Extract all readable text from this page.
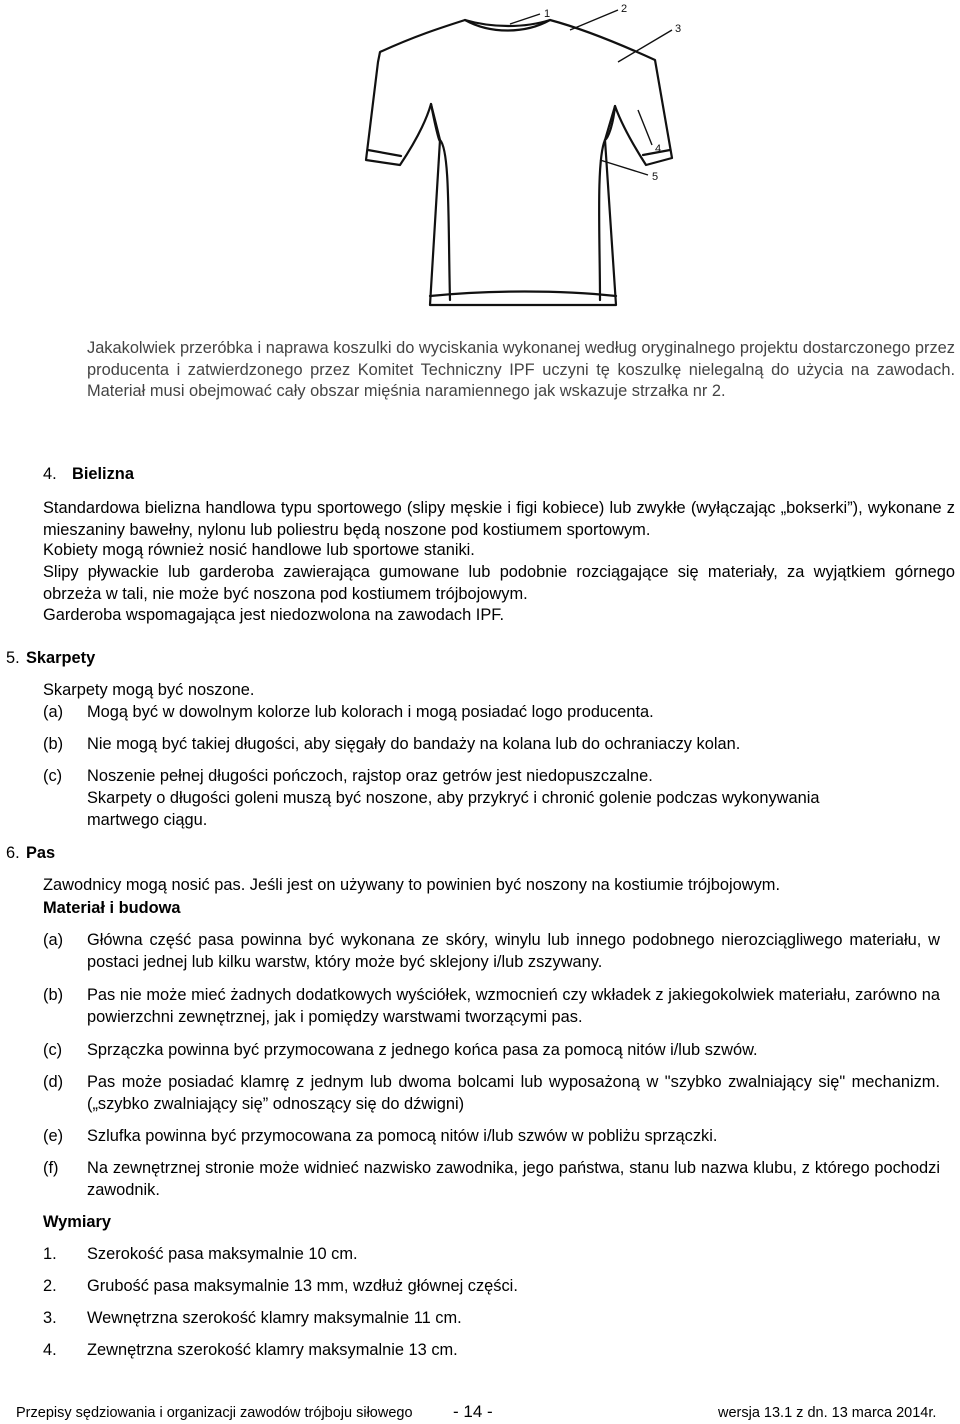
1	2
3
4
5
Jakakolwiek przeróbka i naprawa koszulki do wyciskania wykonanej według oryginalnego projektu dostarczonego przez producenta i zatwierdzonego przez Komitet Techniczny IPF uczyni tę koszulkę nielegalną do użycia na zawodach. Materiał musi obejmować cały obszar mięśnia naramiennego jak wskazuje strzałka nr 2.
4. Bielizna
Standardowa bielizna handlowa typu sportowego (slipy męskie i figi kobiece) lub zwykłe (wyłączając „bokserki”), wykonane z mieszaniny bawełny, nylonu lub poliestru będą noszone pod kostiumem sportowym.
Kobiety mogą również nosić handlowe lub sportowe staniki.
Slipy pływackie lub garderoba zawierająca gumowane lub podobnie rozciągające się materiały, za wyjątkiem górnego obrzeża w tali, nie może być noszona pod kostiumem trójbojowym.
Garderoba wspomagająca jest niedozwolona na zawodach IPF.
5. Skarpety
Skarpety mogą być noszone.
(a) Mogą być w dowolnym kolorze lub kolorach i mogą posiadać logo producenta.
(b) Nie mogą być takiej długości, aby sięgały do bandaży na kolana lub do ochraniaczy kolan.
(c) Noszenie pełnej długości pończoch, rajstop oraz getrów jest niedopuszczalne.
Skarpety o długości goleni muszą być noszone, aby przykryć i chronić golenie podczas wykonywania martwego ciągu.
6. Pas
Zawodnicy mogą nosić pas. Jeśli jest on używany to powinien być noszony na kostiumie trójbojowym.
Materiał i budowa
(a) Główna część pasa powinna być wykonana ze skóry, winylu lub innego podobnego nierozciągliwego materiału, w postaci jednej lub kilku warstw, który może być sklejony i/lub zszywany.
(b) Pas nie może mieć żadnych dodatkowych wyściółek, wzmocnień czy wkładek z jakiegokolwiek materiału, zarówno na powierzchni zewnętrznej, jak i pomiędzy warstwami tworzącymi pas.
(c) Sprzączka powinna być przymocowana z jednego końca pasa za pomocą nitów i/lub szwów.
(d) Pas może posiadać klamrę z jednym lub dwoma bolcami lub wyposażoną w "szybko zwalniający się" mechanizm. („szybko zwalniający się” odnoszący się do dźwigni)
(e) Szlufka powinna być przymocowana za pomocą nitów i/lub szwów w pobliżu sprzączki.
(f) Na zewnętrznej stronie może widnieć nazwisko zawodnika, jego państwa, stanu lub nazwa klubu, z którego pochodzi zawodnik.
Wymiary
1. Szerokość pasa maksymalnie 10 cm.
2. Grubość pasa maksymalnie 13 mm, wzdłuż głównej części.
3. Wewnętrzna szerokość klamry maksymalnie 11 cm.
4. Zewnętrzna szerokość klamry maksymalnie 13 cm.
Przepisy sędziowania i organizacji zawodów trójboju siłowego - 14 -	wersja 13.1 z dn. 13 marca 2014r.
